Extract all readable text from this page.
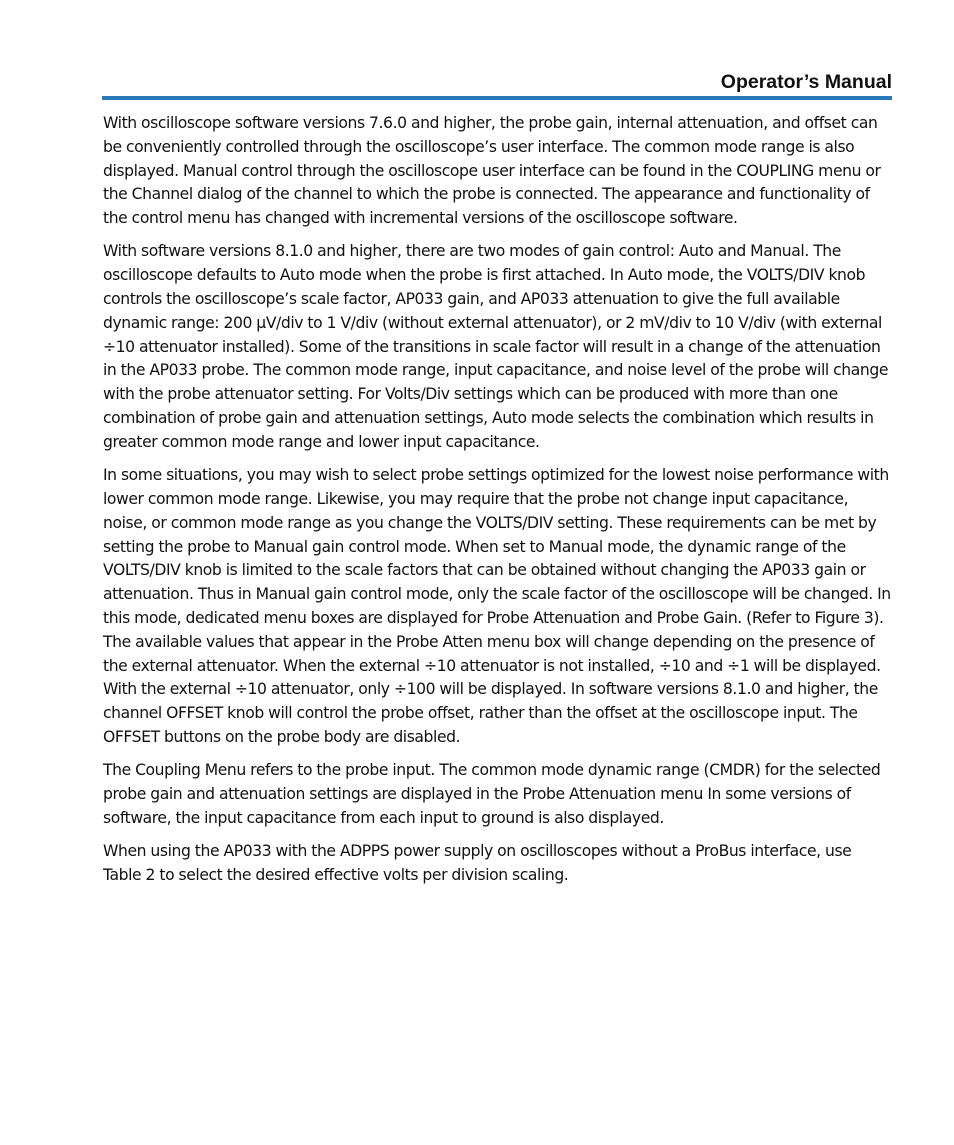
Operator’s Manual

With oscilloscope software versions 7.6.0 and higher, the probe gain, internal attenuation, and offset can be conveniently controlled through the oscilloscope’s user interface. The common mode range is also displayed. Manual control through the oscilloscope user interface can be found in the COUPLING menu or the Channel dialog of the channel to which the probe is connected. The appearance and functionality of the control menu has changed with incremental versions of the oscilloscope software.

With software versions 8.1.0 and higher, there are two modes of gain control: Auto and Manual. The oscilloscope defaults to Auto mode when the probe is first attached. In Auto mode, the VOLTS/DIV knob controls the oscilloscope’s scale factor, AP033 gain, and AP033 attenuation to give the full available dynamic range: 200 µV/div to 1 V/div (without external attenuator), or 2 mV/div to 10 V/div (with external ÷10 attenuator installed). Some of the transitions in scale factor will result in a change of the attenuation in the AP033 probe. The common mode range, input capacitance, and noise level of the probe will change with the probe attenuator setting. For Volts/Div settings which can be produced with more than one combination of probe gain and attenuation settings, Auto mode selects the combination which results in greater common mode range and lower input capacitance.

In some situations, you may wish to select probe settings optimized for the lowest noise performance with lower common mode range. Likewise, you may require that the probe not change input capacitance, noise, or common mode range as you change the VOLTS/DIV setting. These requirements can be met by setting the probe to Manual gain control mode. When set to Manual mode, the dynamic range of the VOLTS/DIV knob is limited to the scale factors that can be obtained without changing the AP033 gain or attenuation. Thus in Manual gain control mode, only the scale factor of the oscilloscope will be changed. In this mode, dedicated menu boxes are displayed for Probe Attenuation and Probe Gain. (Refer to Figure 3). The available values that appear in the Probe Atten menu box will change depending on the presence of the external attenuator. When the external ÷10 attenuator is not installed, ÷10 and ÷1 will be displayed. With the external ÷10 attenuator, only ÷100 will be displayed. In software versions 8.1.0 and higher, the channel OFFSET knob will control the probe offset, rather than the offset at the oscilloscope input. The OFFSET buttons on the probe body are disabled.

The Coupling Menu refers to the probe input. The common mode dynamic range (CMDR) for the selected probe gain and attenuation settings are displayed in the Probe Attenuation menu In some versions of software, the input capacitance from each input to ground is also displayed.

When using the AP033 with the ADPPS power supply on oscilloscopes without a ProBus interface, use Table 2 to select the desired effective volts per division scaling.
